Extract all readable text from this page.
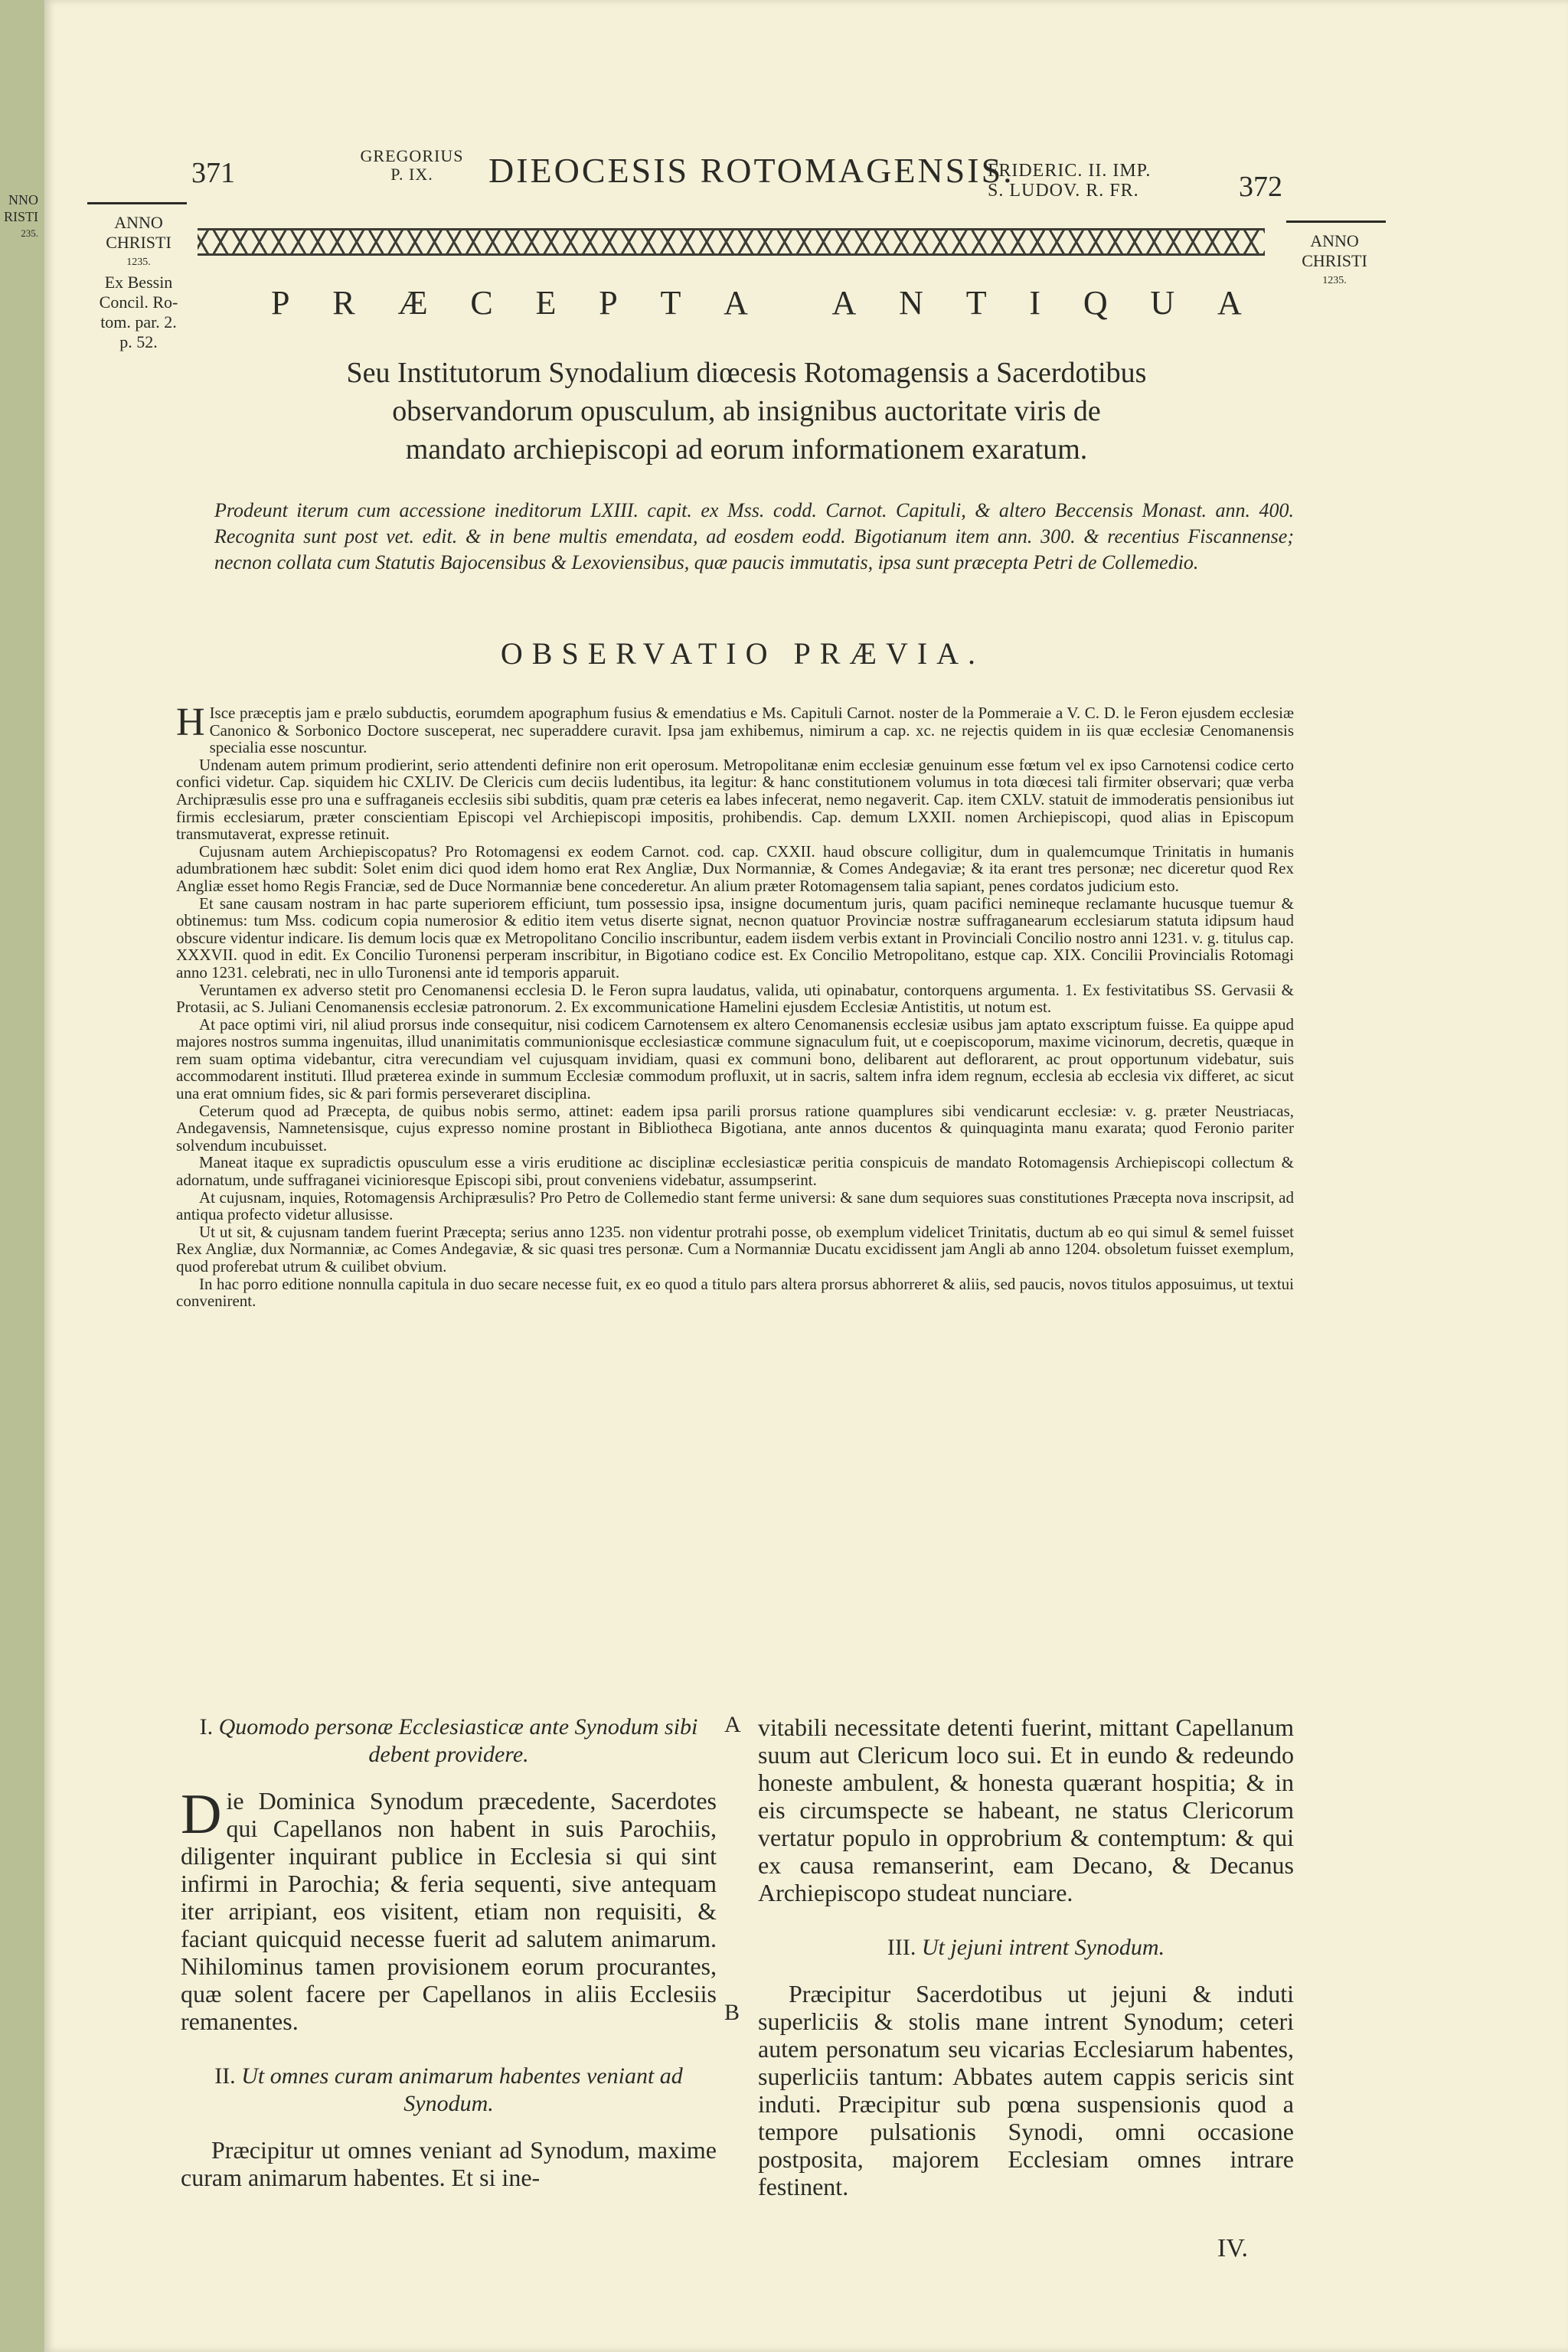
NNO
RISTI
235.
371
GREGORIUS
P. IX.	DIEOCESIS ROTOMAGENSIS.
FRIDERIC. II. IMP.
S. LUDOV. R. FR.	372
ANNO
CHRISTI
1235.
Ex Bessin
Concil. Ro-
tom. par. 2.
p. 52.
ANNO
CHRISTI
1235.
P R Æ C E P T A A N T I Q U A
Seu Institutorum Synodalium diœcesis Rotomagensis a Sacerdotibus
observandorum opusculum, ab insignibus auctoritate viris de
mandato archiepiscopi ad eorum informationem exaratum.
Prodeunt iterum cum accessione ineditorum LXIII. capit. ex Mss. codd. Carnot. Capituli, & altero Beccensis Monast. ann. 400. Recognita sunt post vet. edit. & in bene multis emendata, ad eosdem eodd. Bigotianum item ann. 300. & recentius Fiscannense; necnon collata cum Statutis Bajocensibus & Lexoviensibus, quæ paucis immutatis, ipsa sunt præcepta Petri de Collemedio.
OBSERVATIO PRÆVIA.

H Isce præceptis jam e prælo subductis, eorumdem apographum fusius & emendatius e Ms. Capituli Carnot. noster de la Pommeraie a V. C. D. le Feron ejusdem ecclesiæ Canonico & Sorbonico Doctore susceperat, nec superaddere curavit. Ipsa jam exhibemus, nimirum a cap. xc. ne rejectis quidem in iis quæ ecclesiæ Cenomanensis specialia esse noscuntur.

Undenam autem primum prodierint, serio attendenti definire non erit operosum. Metropolitanæ enim ecclesiæ genuinum esse fœtum vel ex ipso Carnotensi codice certo confici videtur. Cap. siquidem hic CXLIV. De Clericis cum deciis ludentibus, ita legitur: & hanc constitutionem volumus in tota diœcesi tali firmiter observari; quæ verba Archipræsulis esse pro una e suffraganeis ecclesiis sibi subditis, quam præ ceteris ea labes infecerat, nemo negaverit. Cap. item CXLV. statuit de immoderatis pensionibus iut firmis ecclesiarum, præter conscientiam Episcopi vel Archiepiscopi impositis, prohibendis. Cap. demum LXXII. nomen Archiepiscopi, quod alias in Episcopum transmutaverat, expresse retinuit.

Cujusnam autem Archiepiscopatus? Pro Rotomagensi ex eodem Carnot. cod. cap. CXXII. haud obscure colligitur, dum in qualemcumque Trinitatis in humanis adumbrationem hæc subdit: Solet enim dici quod idem homo erat Rex Angliæ, Dux Normanniæ, & Comes Andegaviæ; & ita erant tres personæ; nec diceretur quod Rex Angliæ esset homo Regis Franciæ, sed de Duce Normanniæ bene concederetur. An alium præter Rotomagensem talia sapiant, penes cordatos judicium esto.

Et sane causam nostram in hac parte superiorem efficiunt, tum possessio ipsa, insigne documentum juris, quam pacifici nemineque reclamante hucusque tuemur & obtinemus: tum Mss. codicum copia numerosior & editio item vetus diserte signat, necnon quatuor Provinciæ nostræ suffraganearum ecclesiarum statuta idipsum haud obscure videntur indicare. Iis demum locis quæ ex Metropolitano Concilio inscribuntur, eadem iisdem verbis extant in Provinciali Concilio nostro anni 1231. v. g. titulus cap. XXXVII. quod in edit. Ex Concilio Turonensi perperam inscribitur, in Bigotiano codice est. Ex Concilio Metropolitano, estque cap. XIX. Concilii Provincialis Rotomagi anno 1231. celebrati, nec in ullo Turonensi ante id temporis apparuit.

Veruntamen ex adverso stetit pro Cenomanensi ecclesia D. le Feron supra laudatus, valida, uti opinabatur, contorquens argumenta. 1. Ex festivitatibus SS. Gervasii & Protasii, ac S. Juliani Cenomanensis ecclesiæ patronorum. 2. Ex excommunicatione Hamelini ejusdem Ecclesiæ Antistitis, ut notum est.

At pace optimi viri, nil aliud prorsus inde consequitur, nisi codicem Carnotensem ex altero Cenomanensis ecclesiæ usibus jam aptato exscriptum fuisse. Ea quippe apud majores nostros summa ingenuitas, illud unanimitatis communionisque ecclesiasticæ commune signaculum fuit, ut e coepiscoporum, maxime vicinorum, decretis, quæque in rem suam optima videbantur, citra verecundiam vel cujusquam invidiam, quasi ex communi bono, delibarent aut deflorarent, ac prout opportunum videbatur, suis accommodarent instituti. Illud præterea exinde in summum Ecclesiæ commodum profluxit, ut in sacris, saltem infra idem regnum, ecclesia ab ecclesia vix differet, ac sicut una erat omnium fides, sic & pari formis perseveraret disciplina.

Ceterum quod ad Præcepta, de quibus nobis sermo, attinet: eadem ipsa parili prorsus ratione quamplures sibi vendicarunt ecclesiæ: v. g. præter Neustriacas, Andegavensis, Namnetensisque, cujus expresso nomine prostant in Bibliotheca Bigotiana, ante annos ducentos & quinquaginta manu exarata; quod Feronio pariter solvendum incubuisset.

Maneat itaque ex supradictis opusculum esse a viris eruditione ac disciplinæ ecclesiasticæ peritia conspicuis de mandato Rotomagensis Archiepiscopi collectum & adornatum, unde suffraganei vicinioresque Episcopi sibi, prout conveniens videbatur, assumpserint.

At cujusnam, inquies, Rotomagensis Archipræsulis? Pro Petro de Collemedio stant ferme universi: & sane dum sequiores suas constitutiones Præcepta nova inscripsit, ad antiqua profecto videtur allusisse.

Ut ut sit, & cujusnam tandem fuerint Præcepta; serius anno 1235. non videntur protrahi posse, ob exemplum videlicet Trinitatis, ductum ab eo qui simul & semel fuisset Rex Angliæ, dux Normanniæ, ac Comes Andegaviæ, & sic quasi tres personæ. Cum a Normanniæ Ducatu excidissent jam Angli ab anno 1204. obsoletum fuisset exemplum, quod proferebat utrum & cuilibet obvium.

In hac porro editione nonnulla capitula in duo secare necesse fuit, ex eo quod a titulo pars altera prorsus abhorreret & aliis, sed paucis, novos titulos apposuimus, ut textui convenirent.

I. Quomodo personæ Ecclesiasticæ ante Synodum sibi debent providere.

Die Dominica Synodum præcedente, Sacerdotes qui Capellanos non habent in suis Parochiis, diligenter inquirant publice in Ecclesia si qui sint infirmi in Parochia; & feria sequenti, sive antequam iter arripiant, eos visitent, etiam non requisiti, & faciant quicquid necesse fuerit ad salutem animarum. Nihilominus tamen provisionem eorum procurantes, quæ solent facere per Capellanos in aliis Ecclesiis remanentes.

II. Ut omnes curam animarum habentes veniant ad Synodum.

Præcipitur ut omnes veniant ad Synodum, maxime curam animarum habentes. Et si ine-

A
B

vitabili necessitate detenti fuerint, mittant Capellanum suum aut Clericum loco sui. Et in eundo & redeundo honeste ambulent, & honesta quærant hospitia; & in eis circumspecte se habeant, ne status Clericorum vertatur populo in opprobrium & contemptum: & qui ex causa remanserint, eam Decano, & Decanus Archiepiscopo studeat nunciare.

III. Ut jejuni intrent Synodum.

Præcipitur Sacerdotibus ut jejuni & induti superliciis & stolis mane intrent Synodum; ceteri autem personatum seu vicarias Ecclesiarum habentes, superliciis tantum: Abbates autem cappis sericis sint induti. Præcipitur sub pœna suspensionis quod a tempore pulsationis Synodi, omni occasione postposita, majorem Ecclesiam omnes intrare festinent.

IV.
